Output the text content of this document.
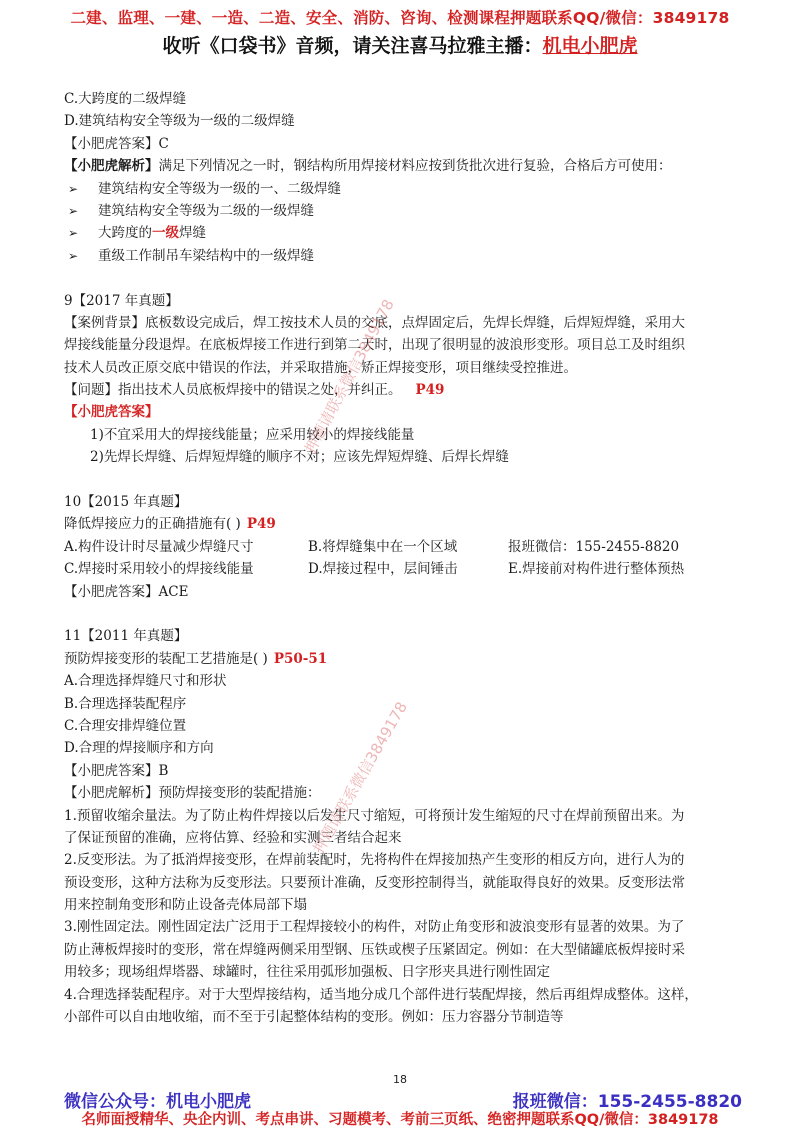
二建、监理、一建、一造、二造、安全、消防、咨询、检测课程押题联系QQ/微信：3849178
收听《口袋书》音频，请关注喜马拉雅主播：机电小肥虎
C.大跨度的二级焊缝
D.建筑结构安全等级为一级的二级焊缝
【小肥虎答案】C
【小肥虎解析】满足下列情况之一时，钢结构所用焊接材料应按到货批次进行复验，合格后方可使用：
➢ 建筑结构安全等级为一级的一、二级焊缝
➢ 建筑结构安全等级为二级的一级焊缝
➢ 大跨度的一级焊缝
➢ 重级工作制吊车梁结构中的一级焊缝
9【2017 年真题】
【案例背景】底板数设完成后，焊工按技术人员的交底，点焊固定后，先焊长焊缝，后焊短焊缝，采用大
焊接线能量分段退焊。在底板焊接工作进行到第二天时，出现了很明显的波浪形变形。项目总工及时组织
技术人员改正原交底中错误的作法，并采取措施，矫正焊接变形，项目继续受控推进。
【问题】指出技术人员底板焊接中的错误之处，并纠正。 P49
【小肥虎答案】
1)不宜采用大的焊接线能量；应采用较小的焊接线能量
2)先焊长焊缝、后焊短焊缝的顺序不对；应该先焊短焊缝、后焊长焊缝
10【2015 年真题】
降低焊接应力的正确措施有( ) P49
A.构件设计时尽量减少焊缝尺寸	B.将焊缝集中在一个区域	报班微信：155-2455-8820
C.焊接时采用较小的焊接线能量	D.焊接过程中，层间锤击	E.焊接前对构件进行整体预热
【小肥虎答案】ACE
11【2011 年真题】
预防焊接变形的装配工艺措施是( ) P50-51
A.合理选择焊缝尺寸和形状
B.合理选择装配程序
C.合理安排焊缝位置
D.合理的焊接顺序和方向
【小肥虎答案】B
【小肥虎解析】预防焊接变形的装配措施：
1.预留收缩余量法。为了防止构件焊接以后发生尺寸缩短，可将预计发生缩短的尺寸在焊前预留出来。为
了保证预留的准确，应将估算、经验和实测三者结合起来
2.反变形法。为了抵消焊接变形，在焊前装配时，先将构件在焊接加热产生变形的相反方向，进行人为的
预设变形，这种方法称为反变形法。只要预计准确，反变形控制得当，就能取得良好的效果。反变形法常
用来控制角变形和防止设备壳体局部下塌
3.刚性固定法。刚性固定法广泛用于工程焊接较小的构件，对防止角变形和波浪变形有显著的效果。为了
防止薄板焊接时的变形，常在焊缝两侧采用型钢、压铁或楔子压紧固定。例如：在大型储罐底板焊接时采
用较多；现场组焊塔器、球罐时，往往采用弧形加强板、日字形夹具进行刚性固定
4.合理选择装配程序。对于大型焊接结构，适当地分成几个部件进行装配焊接，然后再组焊成整体。这样，
小部件可以自由地收缩，而不至于引起整体结构的变形。例如：压力容器分节制造等
押题请联系微信3849178
押题请联系微信3849178
18
微信公众号：机电小肥虎	报班微信：155-2455-8820
名师面授精华、央企内训、考点串讲、习题模考、考前三页纸、绝密押题联系QQ/微信：3849178
